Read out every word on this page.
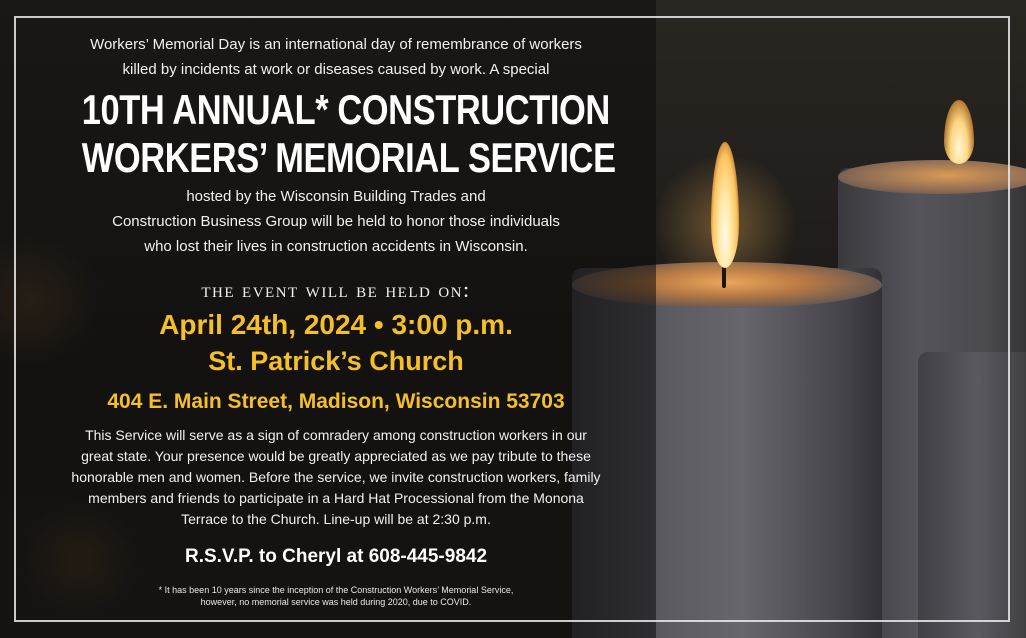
Workers’ Memorial Day is an international day of remembrance of workers
killed by incidents at work or diseases caused by work. A special

10TH ANNUAL* CONSTRUCTION
WORKERS’ MEMORIAL SERVICE

hosted by the Wisconsin Building Trades and
Construction Business Group will be held to honor those individuals
who lost their lives in construction accidents in Wisconsin.

the event will be held on:

April 24th, 2024 • 3:00 p.m.

St. Patrick’s Church

404 E. Main Street, Madison, Wisconsin 53703

This Service will serve as a sign of comradery among construction workers in our
great state. Your presence would be greatly appreciated as we pay tribute to these
honorable men and women. Before the service, we invite construction workers, family
members and friends to participate in a Hard Hat Processional from the Monona
Terrace to the Church. Line-up will be at 2:30 p.m.

R.S.V.P. to Cheryl at 608-445-9842

* It has been 10 years since the inception of the Construction Workers’ Memorial Service,
however, no memorial service was held during 2020, due to COVID.
